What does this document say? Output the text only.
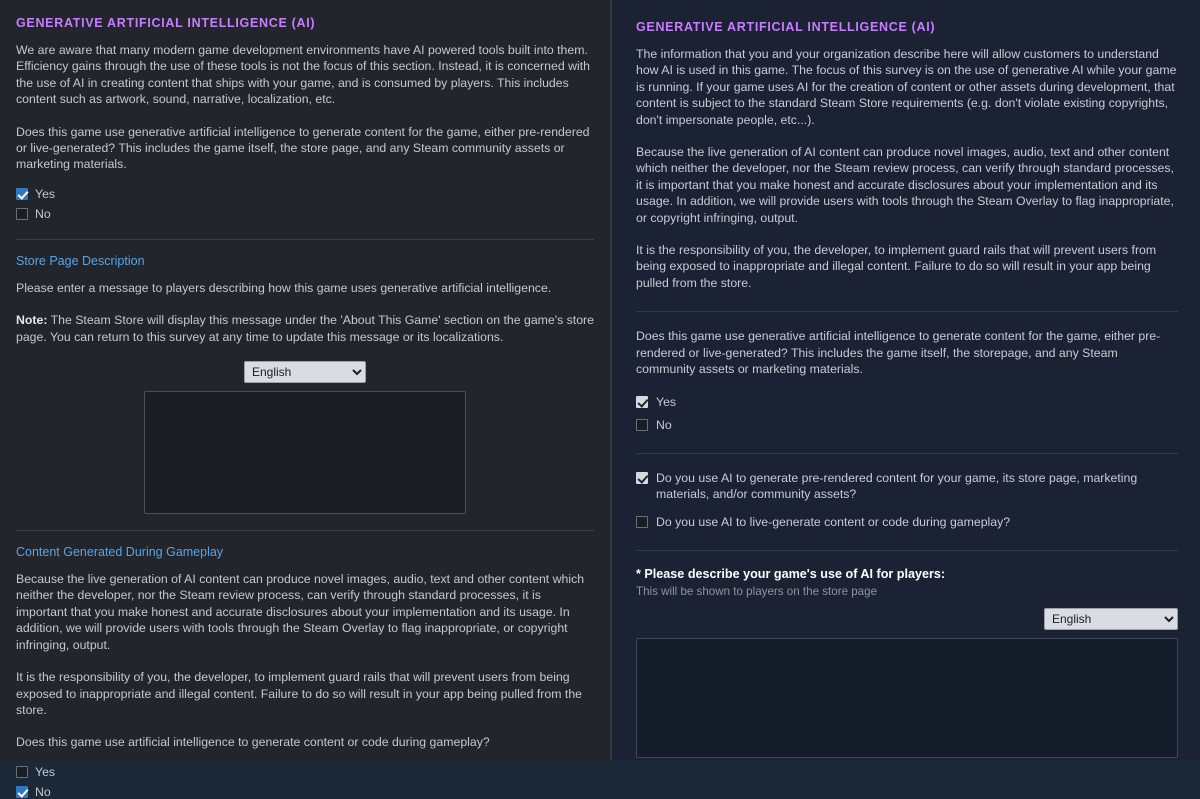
GENERATIVE ARTIFICIAL INTELLIGENCE (AI)

We are aware that many modern game development environments have AI powered tools built into them. Efficiency gains through the use of these tools is not the focus of this section. Instead, it is concerned with the use of AI in creating content that ships with your game, and is consumed by players. This includes content such as artwork, sound, narrative, localization, etc.

Does this game use generative artificial intelligence to generate content for the game, either pre-rendered or live-generated? This includes the game itself, the store page, and any Steam community assets or marketing materials.

Yes
No
Store Page Description

Please enter a message to players describing how this game uses generative artificial intelligence.

Note: The Steam Store will display this message under the 'About This Game' section on the game's store page. You can return to this survey at any time to update this message or its localizations.

English
Content Generated During Gameplay

Because the live generation of AI content can produce novel images, audio, text and other content which neither the developer, nor the Steam review process, can verify through standard processes, it is important that you make honest and accurate disclosures about your implementation and its usage. In addition, we will provide users with tools through the Steam Overlay to flag inappropriate, or copyright infringing, output.

It is the responsibility of you, the developer, to implement guard rails that will prevent users from being exposed to inappropriate and illegal content. Failure to do so will result in your app being pulled from the store.

Does this game use artificial intelligence to generate content or code during gameplay?

Yes
No
GENERATIVE ARTIFICIAL INTELLIGENCE (AI)

The information that you and your organization describe here will allow customers to understand how AI is used in this game. The focus of this survey is on the use of generative AI while your game is running. If your game uses AI for the creation of content or other assets during development, that content is subject to the standard Steam Store requirements (e.g. don't violate existing copyrights, don't impersonate people, etc...).

Because the live generation of AI content can produce novel images, audio, text and other content which neither the developer, nor the Steam review process, can verify through standard processes, it is important that you make honest and accurate disclosures about your implementation and its usage. In addition, we will provide users with tools through the Steam Overlay to flag inappropriate, or copyright infringing, output.

It is the responsibility of you, the developer, to implement guard rails that will prevent users from being exposed to inappropriate and illegal content. Failure to do so will result in your app being pulled from the store.

Does this game use generative artificial intelligence to generate content for the game, either pre-rendered or live-generated? This includes the game itself, the storepage, and any Steam community assets or marketing materials.

Yes
No
Do you use AI to generate pre-rendered content for your game, its store page, marketing materials, and/or community assets?
Do you use AI to live-generate content or code during gameplay?
* Please describe your game's use of AI for players:
This will be shown to players on the store page
English
